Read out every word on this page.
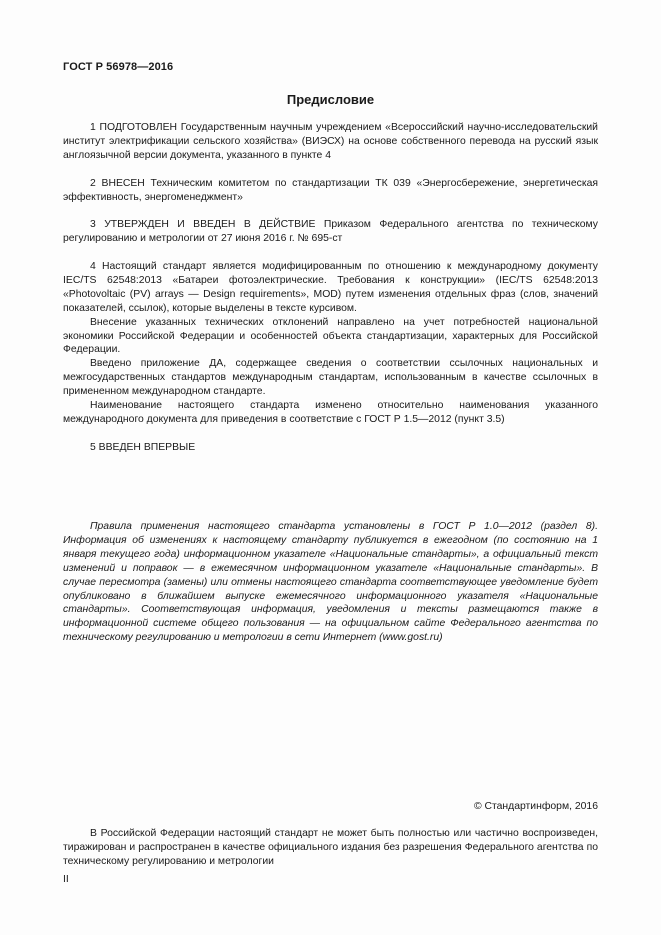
ГОСТ Р 56978—2016
Предисловие

1 ПОДГОТОВЛЕН Государственным научным учреждением «Всероссийский научно-исследовательский институт электрификации сельского хозяйства» (ВИЭСХ) на основе собственного перевода на русский язык англоязычной версии документа, указанного в пункте 4

2 ВНЕСЕН Техническим комитетом по стандартизации ТК 039 «Энергосбережение, энергетическая эффективность, энергоменеджмент»

3 УТВЕРЖДЕН И ВВЕДЕН В ДЕЙСТВИЕ Приказом Федерального агентства по техническому регулированию и метрологии от 27 июня 2016 г. № 695-ст

4 Настоящий стандарт является модифицированным по отношению к международному документу IEC/TS 62548:2013 «Батареи фотоэлектрические. Требования к конструкции» (IEC/TS 62548:2013 «Photovoltaic (PV) arrays — Design requirements», MOD) путем изменения отдельных фраз (слов, значений показателей, ссылок), которые выделены в тексте курсивом.

Внесение указанных технических отклонений направлено на учет потребностей национальной экономики Российской Федерации и особенностей объекта стандартизации, характерных для Российской Федерации.

Введено приложение ДА, содержащее сведения о соответствии ссылочных национальных и межгосударственных стандартов международным стандартам, использованным в качестве ссылочных в примененном международном стандарте.

Наименование настоящего стандарта изменено относительно наименования указанного международного документа для приведения в соответствие с ГОСТ Р 1.5—2012 (пункт 3.5)

5 ВВЕДЕН ВПЕРВЫЕ

Правила применения настоящего стандарта установлены в ГОСТ Р 1.0—2012 (раздел 8). Информация об изменениях к настоящему стандарту публикуется в ежегодном (по состоянию на 1 января текущего года) информационном указателе «Национальные стандарты», а официальный текст изменений и поправок — в ежемесячном информационном указателе «Национальные стандарты». В случае пересмотра (замены) или отмены настоящего стандарта соответствующее уведомление будет опубликовано в ближайшем выпуске ежемесячного информационного указателя «Национальные стандарты». Соответствующая информация, уведомления и тексты размещаются также в информационной системе общего пользования — на официальном сайте Федерального агентства по техническому регулированию и метрологии в сети Интернет (www.gost.ru)

© Стандартинформ, 2016

В Российской Федерации настоящий стандарт не может быть полностью или частично воспроизведен, тиражирован и распространен в качестве официального издания без разрешения Федерального агентства по техническому регулированию и метрологии

II
